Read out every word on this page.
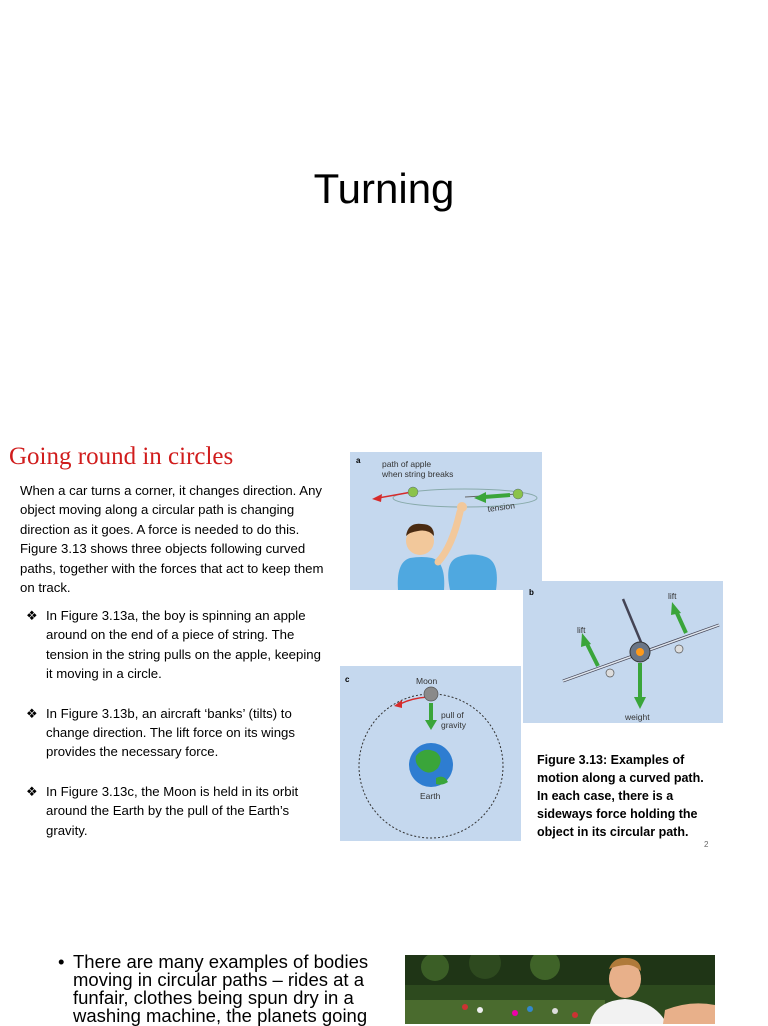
Turning
Going round in circles
When a car turns a corner, it changes direction. Any object moving along a circular path is changing direction as it goes. A force is needed to do this. Figure 3.13 shows three objects following curved paths, together with the forces that act to keep them on track.
❖ In Figure 3.13a, the boy is spinning an apple around on the end of a piece of string. The tension in the string pulls on the apple, keeping it moving in a circle.
❖ In Figure 3.13b, an aircraft ‘banks’ (tilts) to change direction. The lift force on its wings provides the necessary force.
❖ In Figure 3.13c, the Moon is held in its orbit around the Earth by the pull of the Earth’s gravity.
a	path of apple
when string breaks
tension
b
lift
lift
weight
c	Moon
pull of
gravity
Earth
Figure 3.13: Examples of motion along a curved path. In each case, there is a sideways force holding the object in its circular path.
2
• There are many examples of bodies moving in circular paths – rides at a funfair, clothes being spun dry in a washing machine, the planets going
